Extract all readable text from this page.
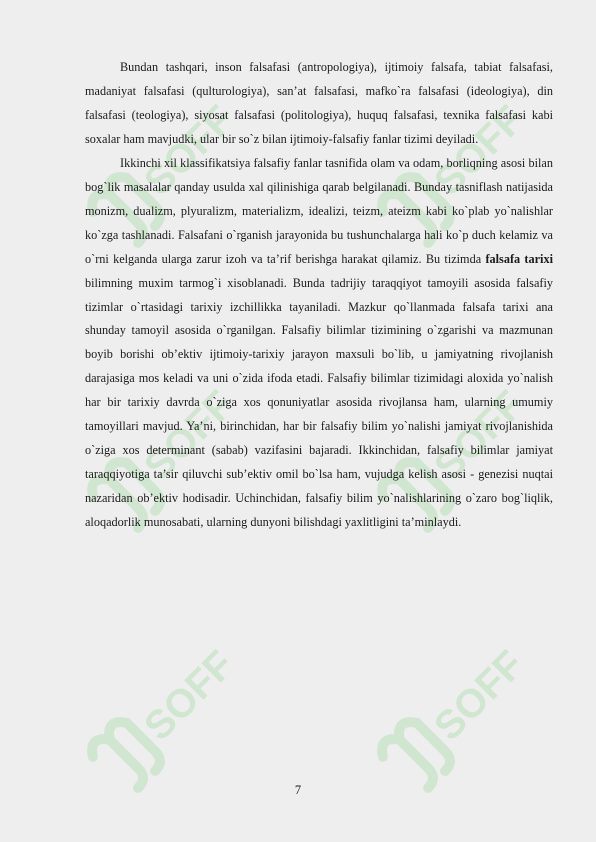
SOFF	SOFF
SOFF	SOFF
SOFF	SOFF

Bundan tashqari, inson falsafasi (antropologiya), ijtimoiy falsafa, tabiat falsafasi, madaniyat falsafasi (qulturologiya), san’at falsafasi, mafko`ra falsafasi (ideologiya), din falsafasi (teologiya), siyosat falsafasi (politologiya), huquq falsafasi, texnika falsafasi kabi soxalar ham mavjudki, ular bir so`z bilan ijtimoiy-falsafiy fanlar tizimi deyiladi.

Ikkinchi xil klassifikatsiya falsafiy fanlar tasnifida olam va odam, borliqning asosi bilan bog`lik masalalar qanday usulda xal qilinishiga qarab belgilanadi. Bunday tasniflash natijasida monizm, dualizm, plyuralizm, materializm, idealizi, teizm, ateizm kabi ko`plab yo`nalishlar ko`zga tashlanadi. Falsafani o`rganish jarayonida bu tushunchalarga hali ko`p duch kelamiz va o`rni kelganda ularga zarur izoh va ta’rif berishga harakat qilamiz. Bu tizimda falsafa tarixi bilimning muxim tarmog`i xisoblanadi. Bunda tadrijiy taraqqiyot tamoyili asosida falsafiy tizimlar o`rtasidagi tarixiy izchillikka tayaniladi. Mazkur qo`llanmada falsafa tarixi ana shunday tamoyil asosida o`rganilgan. Falsafiy bilimlar tizimining o`zgarishi va mazmunan boyib borishi ob’ektiv ijtimoiy-tarixiy jarayon maxsuli bo`lib, u jamiyatning rivojlanish darajasiga mos keladi va uni o`zida ifoda etadi. Falsafiy bilimlar tizimidagi aloxida yo`nalish har bir tarixiy davrda o`ziga xos qonuniyatlar asosida rivojlansa ham, ularning umumiy tamoyillari mavjud. Ya’ni, birinchidan, har bir falsafiy bilim yo`nalishi jamiyat rivojlanishida o`ziga xos determinant (sabab) vazifasini bajaradi. Ikkinchidan, falsafiy bilimlar jamiyat taraqqiyotiga ta’sir qiluvchi sub’ektiv omil bo`lsa ham, vujudga kelish asosi - genezisi nuqtai nazaridan ob’ektiv hodisadir. Uchinchidan, falsafiy bilim yo`nalishlarining o`zaro bog`liqlik, aloqadorlik munosabati, ularning dunyoni bilishdagi yaxlitligini ta’minlaydi.

7
